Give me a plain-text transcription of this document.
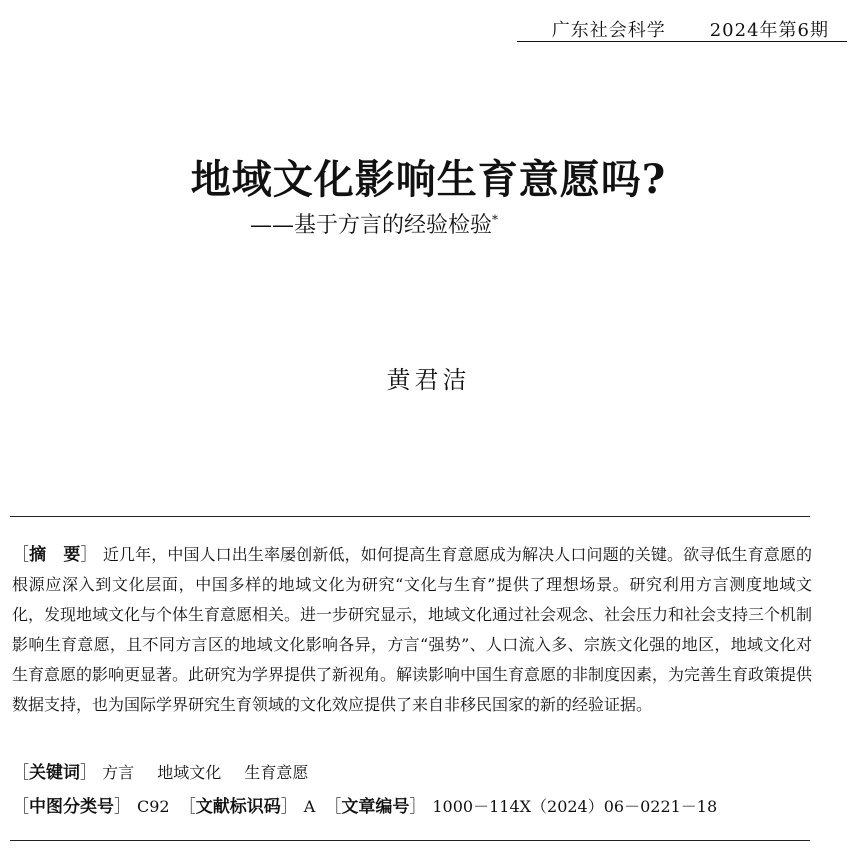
广东社会科学 2024年第6期
地域文化影响生育意愿吗?

——基于方言的经验检验*

黄君洁
［摘　要］ 近几年，中国人口出生率屡创新低，如何提高生育意愿成为解决人口问题的关键。欲寻低生育意愿的根源应深入到文化层面，中国多样的地域文化为研究“文化与生育”提供了理想场景。研究利用方言测度地域文化，发现地域文化与个体生育意愿相关。进一步研究显示，地域文化通过社会观念、社会压力和社会支持三个机制影响生育意愿，且不同方言区的地域文化影响各异，方言“强势”、人口流入多、宗族文化强的地区，地域文化对生育意愿的影响更显著。此研究为学界提供了新视角。解读影响中国生育意愿的非制度因素，为完善生育政策提供数据支持，也为国际学界研究生育领域的文化效应提供了来自非移民国家的新的经验证据。
［关键词］ 方言 地域文化 生育意愿
［中图分类号］ C92 ［文献标识码］ A ［文章编号］ 1000－114X（2024）06－0221－18
